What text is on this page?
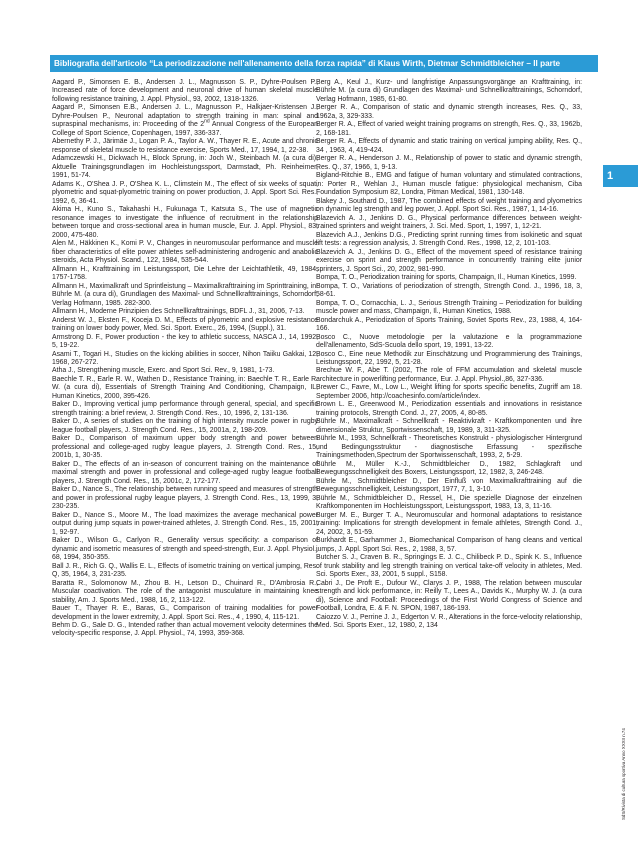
Bibliografia dell'articolo “La periodizzazione nell'allenamento della forza rapida” di Klaus Wirth, Dietmar Schmidtbleicher – II parte
1

Aagard P., Simonsen E. B., Andersen J. L., Magnusson S. P., Dyhre-Poulsen P., Increased rate of force development and neuronal drive of human skeletal muscle following resistance training, J. Appl. Physiol., 93, 2002, 1318-1326.

Aagard P., Simonsen E.B., Andersen J. L., Magnusson P., Halkjaer-Kristensen J., Dyhre-Poulsen P., Neuronal adaptation to strength training in man: spinal and supraspinal mechanisms, in: Proceeding of the 2nd Annual Congress of the European College of Sport Science, Copenhagen, 1997, 336-337.

Abernethy P. J., Järimäe J., Logan P. A., Taylor A. W., Thayer R. E., Acute and chronic response of skeletal muscle to resistance exercise, Sports Med., 17, 1994, 1, 22-38.

Adamczewski H., Dickwach H., Block Sprung, in: Joch W., Steinbach M. (a cura di), Aktuelle Trainingsgrundlagen im Hochleistungssport, Darmstadt, Ph. Reinheimer, 1991, 51-74.

Adams K., O'Shea J. P., O'Shea K. L., Climstein M., The effect of six weeks of squat, plyometric and squat-plyometric training on power production, J. Appl. Sport Sci. Res., 1992, 6, 36-41.

Akima H., Kuno S., Takahashi H., Fukunaga T., Katsuta S., The use of magnetic resonance images to investigate the influence of recruitment in the relationship between torque and cross-sectional area in human muscle, Eur. J. Appl. Physiol., 83, 2000, 475-480.

Alen M., Häkkinen K., Komi P. V., Changes in neuromuscular performance and muscle fiber characteristics of elite power athletes self-administering androgenic and anabolic steroids, Acta Physiol. Scand., 122, 1984, 535-544.

Allmann H., Krafttraining im Leistungssport, Die Lehre der Leichtathletik, 49, 1984, 1757-1758.

Allmann H., Maximalkraft und Sprintleistung – Maximalkrafttraining im Sprinttraining, in: Bührle M. (a cura di), Grundlagen des Maximal- und Schnellkrafttrainings, Schorndorf, Verlag Hofmann, 1985. 282-300.

Allmann H., Moderne Prinzipien des Schnellkrafttrainings, BDFL J., 31, 2006, 7-13.

Anderst W. J., Eksten F., Koceja D. M., Effects of plyometric and explosive resistance training on lower body power, Med. Sci. Sport. Exerc., 26, 1994, (Suppl.), 31.

Armstrong D. F., Power production - the key to athletic success, NASCA J., 14, 1992, 5, 19-22.

Asami T., Togari H., Studies on the kicking abilities in soccer, Nihon Taiiku Gakkai, 12, 1968, 267-272.

Atha J., Strengthening muscle, Exerc. and Sport Sci. Rev., 9, 1981, 1-73.

Baechle T. R., Earle R. W., Wathen D., Resistance Training, in: Baechle T. R., Earle R. W. (a cura di), Essentials of Strength Training And Conditioning, Champaign, IL, Human Kinetics, 2000, 395-426.

Baker D., Improving vertical jump performance through general, special, and specific strength training: a brief review, J. Strength Cond. Res., 10, 1996, 2, 131-136.

Baker D., A series of studies on the training of high intensity muscle power in rugby league football players, J. Strength Cond. Res., 15, 2001a, 2, 198-209.

Baker D., Comparison of maximum upper body strength and power between professional and college-aged rugby league players, J. Strength Cond. Res., 15, 2001b, 1, 30-35.

Baker D., The effects of an in-season of concurrent training on the maintenance of maximal strength and power in professional and college-aged rugby league football players, J. Strength Cond. Res., 15, 2001c, 2, 172-177.

Baker D., Nance S., The relationship between running speed and measures of strength and power in professional rugby league players, J. Strength Cond. Res., 13, 1999, 3, 230-235.

Baker D., Nance S., Moore M., The load maximizes the average mechanical power output during jump squats in power-trained athletes, J. Strength Cond. Res., 15, 2001, 1, 92-97.

Baker D., Wilson G., Carlyon R., Generality versus specificity: a comparison of dynamic and isometric measures of strength and speed-strength, Eur. J. Appl. Physiol., 68, 1994, 350-355.

Ball J. R., Rich G. Q., Wallis E. L., Effects of isometric training on vertical jumping, Res. Q, 35, 1964, 3, 231-235.

Baratta R., Solomonow M., Zhou B. H., Letson D., Chuinard R., D'Ambrosia R., Muscular coactivation. The role of the antagonist musculature in maintaining knee stability, Am. J. Sports Med., 1988, 16, 2, 113-122.

Bauer T., Thayer R. E., Baras, G., Comparison of training modalities for power development in the lower extremity, J. Appl. Sport Sci. Res., 4 , 1990, 4, 115-121.

Behm D. G., Sale D. G., Intended rather than actual movement velocity determines the velocity-specific response, J. Appl. Physiol., 74, 1993, 359-368.

Berg A., Keul J., Kurz- und langfristige Anpassungsvorgänge an Krafttraining, in: Bührle M. (a cura di) Grundlagen des Maximal- und Schnellkrafttrainings, Schorndorf, Verlag Hofmann, 1985, 61-80.

Berger R. A., Comparison of static and dynamic strength increases, Res. Q., 33, 1962a, 3, 329-333.

Berger R. A., Effect of varied weight training programs on strength, Res. Q., 33, 1962b, 2, 168-181.

Berger R. A., Effects of dynamic and static training on vertical jumping ability, Res. Q., 34 , 1963, 4, 419-424.

Berger R. A., Henderson J. M., Relationship of power to static and dynamic strength, Res. Q., 37, 1966, 1, 9-13.

Bigland-Ritchie B., EMG and fatigue of human voluntary and stimulated contractions, in: Porter R., Wehlan J., Human muscle fatigue: physiological mechanism, Ciba Foundation Symposium 82, Londra, Pitman Medical, 1981, 130-148.

Blakey J., Southard D., 1987, The combined effects of weight training and plyometrics on dynamic leg strength and leg power, J. Appl. Sport Sci. Res., 1987, 1, 14-16.

Blazevich A. J., Jenkins D. G., Physical performance differences between weight-trained sprinters and weight trainers, J. Sci. Med. Sport, 1, 1997, 1, 12-21.

Blazevich A.J., Jenkins D.G., Predicting sprint running times from isokinetic and squat lift tests: a regression analysis, J. Strength Cond. Res., 1998, 12, 2, 101-103.

Blazevich A. J., Jenkins D. G., Effect of the movement speed of resistance training exercise on sprint and strength performance in concurrently training elite junior sprinters, J. Sport Sci., 20, 2002, 981-990.

Bompa, T. O., Periodization training for sports, Champaign, Il., Human Kinetics, 1999.

Bompa, T. O., Variations of periodization of strength, Strength Cond. J., 1996, 18, 3, 58-61.

Bompa, T. O., Cornacchia, L. J., Serious Strength Training – Periodization for building muscle power and mass, Champaign, Il., Human Kinetics, 1988.

Bondarchuk A., Periodization of Sports Training, Soviet Sports Rev., 23, 1988, 4, 164-166.

Bosco C., Nuove metodologie per la valutazione e la programmazione dell'allenamento, SdS-Scuola dello sport, 19, 1991, 13-22.

Bosco C., Eine neue Methodik zur Einschätzung und Programmierung des Trainings, Leistungssport, 22, 1992, 5, 21-28.

Brechue W. F., Abe T. (2002, The role of FFM accumulation and skeletal muscle architecture in powerlifting performance, Eur. J. Appl. Physiol.,86, 327-336.

Brewer C., Favre, M., Low L., Weight lifting for sports specific benefits, Zugriff am 18. September 2006, http://coachesinfo.com/article/index.

Brown L. E., Greenwood M., Periodization essentials and innovations in resistance training protocols, Strength Cond. J., 27, 2005, 4, 80-85.

Bührle M., Maximalkraft - Schnellkraft - Reaktivkraft - Kraftkomponenten und ihre dimensionale Struktur, Sportwissenschaft, 19, 1989, 3, 311-325.

Bührle M., 1993, Schnellkraft - Theoretisches Konstrukt - physiologischer Hintergrund und Bedingungsstruktur - diagnostische Erfassung - spezifische Trainingsmethoden,Spectrum der Sportwissenschaft, 1993, 2, 5-29.

Bührle M., Müller K.-J., Schmidtbleicher D., 1982, Schlagkraft und Bewegungsschnelligkeit des Boxers, Leistungssport, 12, 1982, 3, 246-248.

Bührle M., Schmidtbleicher D., Der Einfluß von Maximalkrafttraining auf die Bewegungsschnelligkeit, Leistungssport, 1977, 7, 1, 3-10.

Bührle M., Schmidtbleicher D., Ressel, H., Die spezielle Diagnose der einzelnen Kraftkomponenten im Hochleistungssport, Leistungssport, 1983, 13, 3, 11-16.

Burger M. E., Burger T. A., Neuromuscular and hormonal adaptations to resistance training: Implications for strength development in female athletes, Strength Cond. J., 24, 2002, 3, 51-59.

Burkhardt E., Garhammer J., Biomechanical Comparison of hang cleans and vertical jumps, J. Appl. Sport Sci. Res., 2, 1988, 3, 57.

Butcher S. J., Craven B. R., Springings E. J. C., Chilibeck P. D., Spink K. S., Influence of trunk stability and leg strength training on vertical take-off velocity in athletes, Med. Sci. Sports Exer., 33, 2001, 5 suppl., S158.

Cabri J., De Proft E., Dufour W., Clarys J. P., 1988, The relation between muscular strength and kick performance, in: Reilly T., Lees A., Davids K., Murphy W. J. (a cura di), Science and Football: Proceedings of the First World Congress of Science and Football, Londra, E. & F. N. SPON, 1987, 186-193.

Caiozzo V. J., Perrine J. J., Edgerton V. R., Alterations in the force-velocity relationship, Med. Sci. Sports Exer., 12, 1980, 2, 134

SdS/Rivista di cultura sportiva Anno XXXII n.74
